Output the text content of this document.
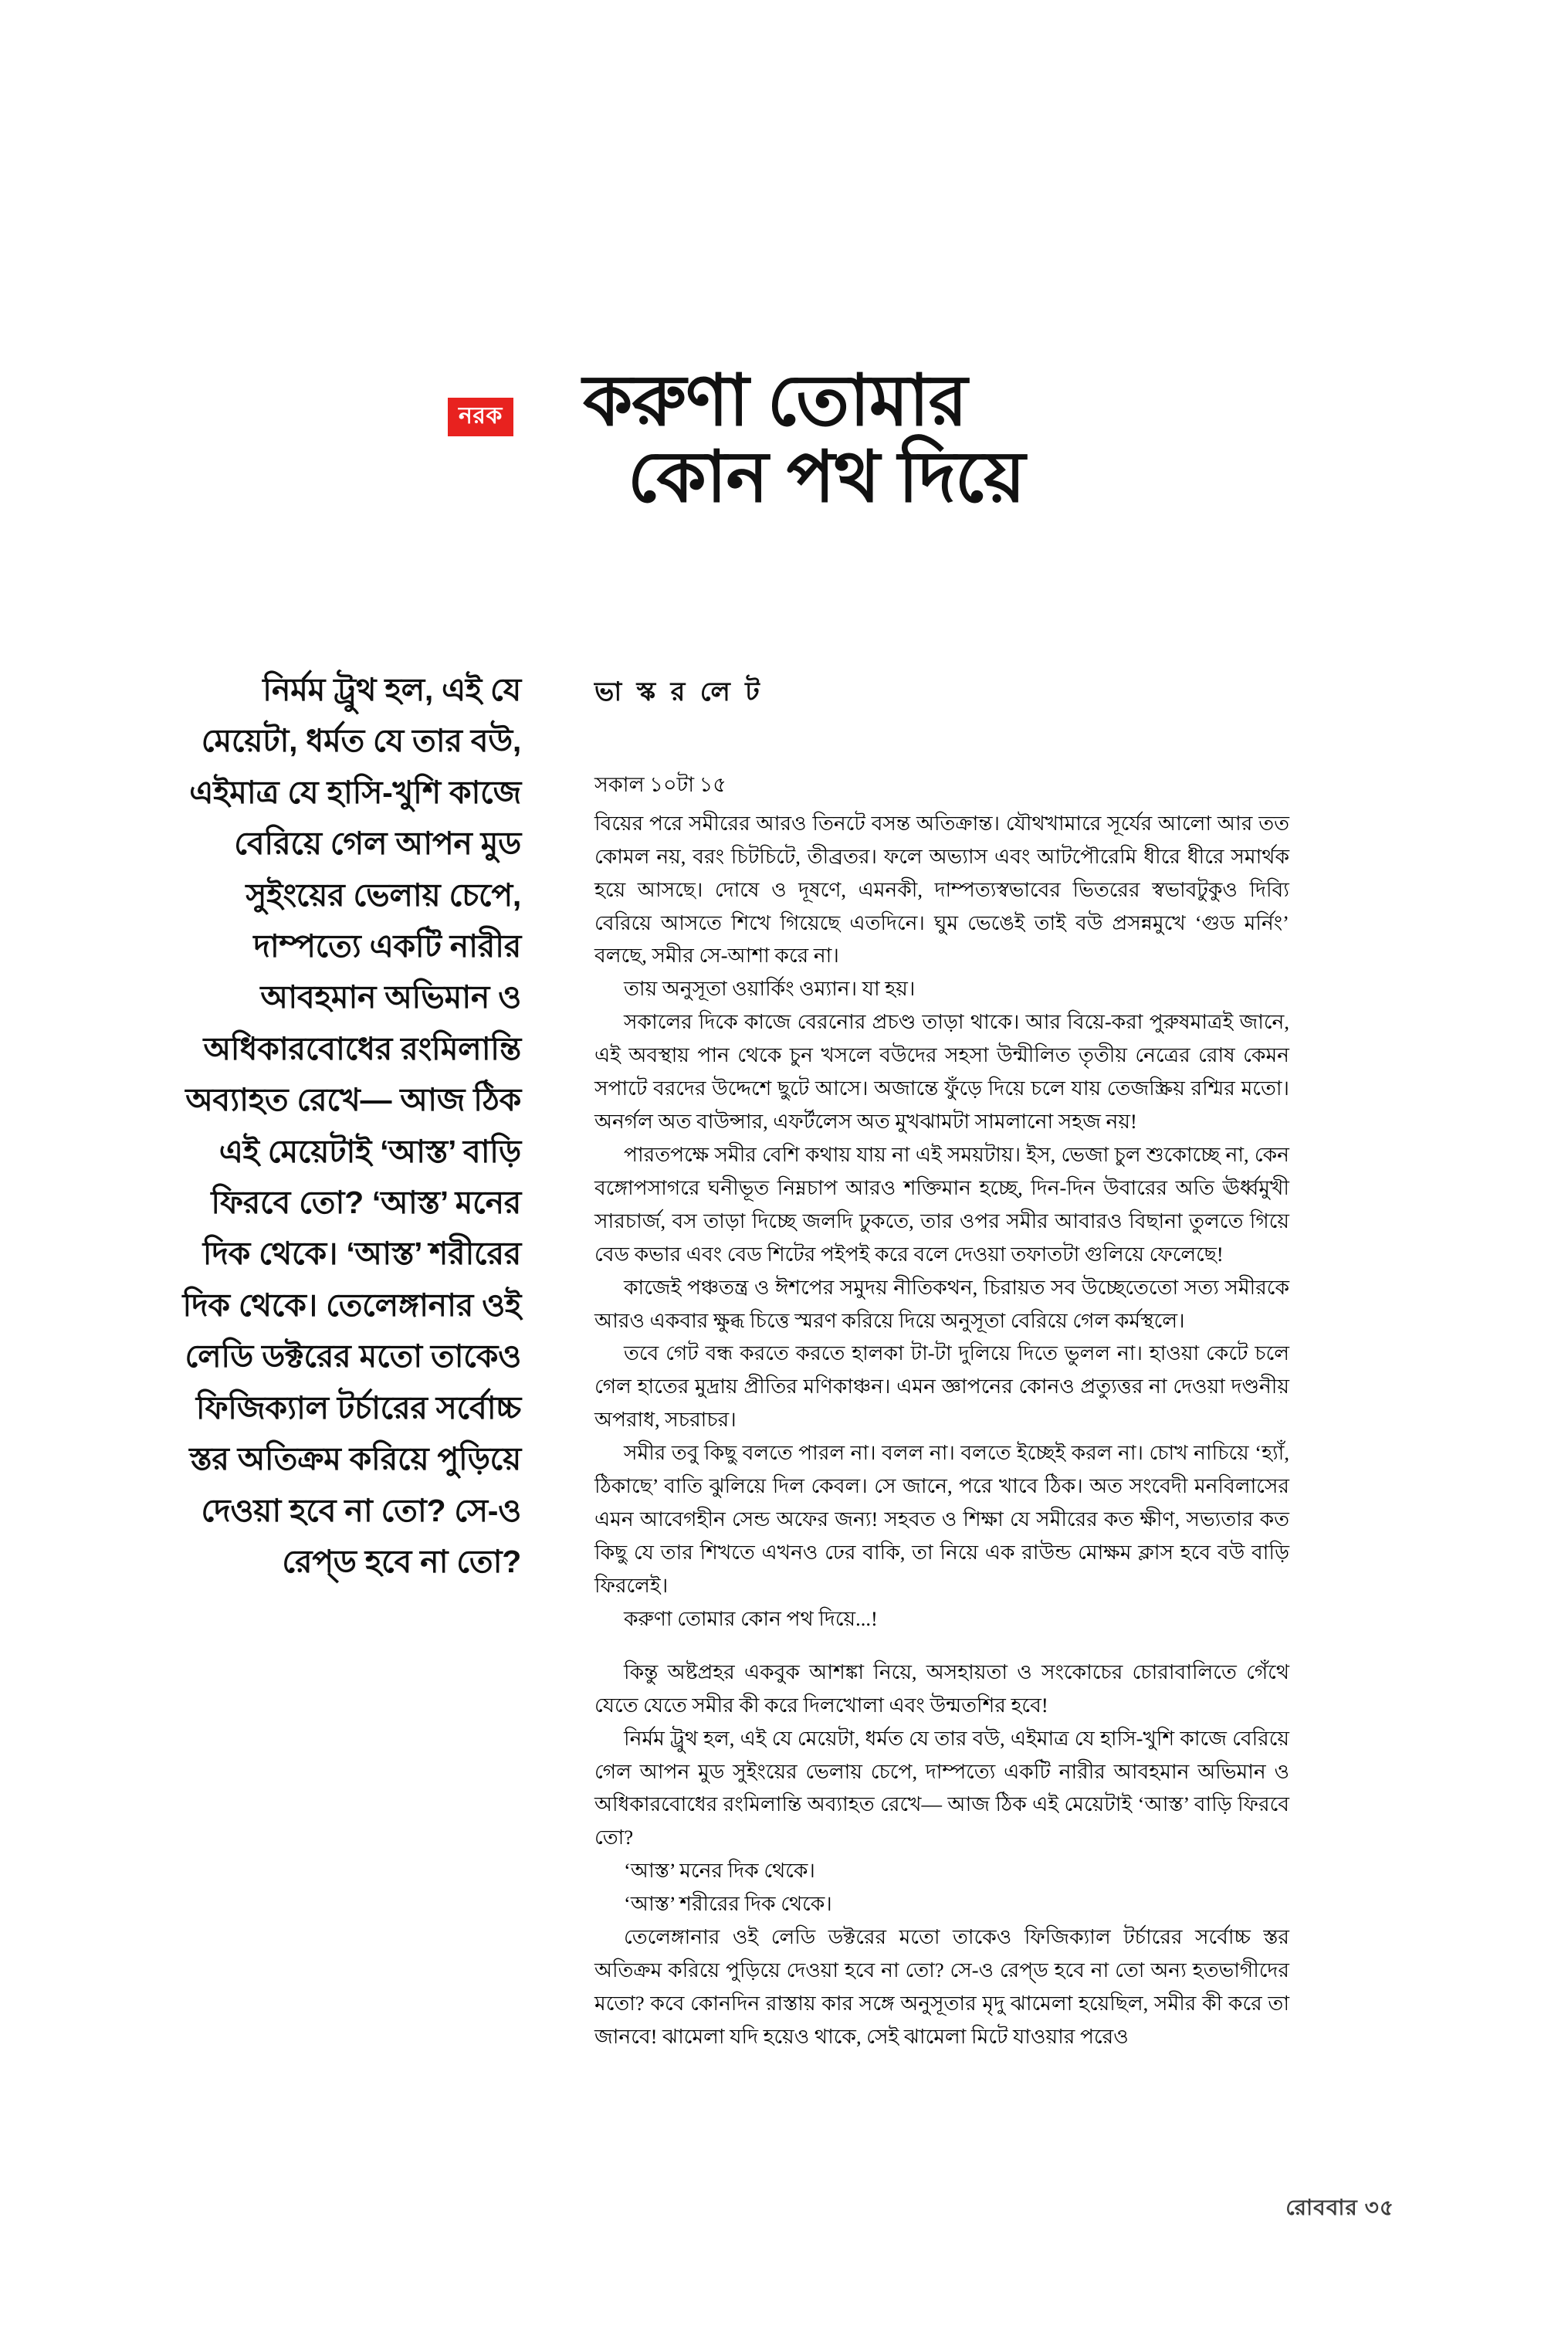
নরক করুণা তোমার
কোন পথ দিয়ে
ভা স্ক র লে ট
নির্মম ট্রুথ হল, এই যে মেয়েটা, ধর্মত যে তার বউ, এইমাত্র যে হাসি-খুশি কাজে বেরিয়ে গেল আপন মুড সুইংয়ের ভেলায় চেপে, দাম্পত্যে একটি নারীর আবহমান অভিমান ও অধিকারবোধের রংমিলান্তি অব্যাহত রেখে— আজ ঠিক এই মেয়েটাই ‘আস্ত’ বাড়ি ফিরবে তো? ‘আস্ত’ মনের দিক থেকে। ‘আস্ত’ শরীরের দিক থেকে। তেলেঙ্গানার ওই লেডি ডক্টরের মতো তাকেও ফিজিক্যাল টর্চারের সর্বোচ্চ স্তর অতিক্রম করিয়ে পুড়িয়ে দেওয়া হবে না তো? সে-ও রেপ্‌ড হবে না তো?
সকাল ১০টা ১৫

বিয়ের পরে সমীরের আরও তিনটে বসন্ত অতিক্রান্ত। যৌথখামারে সূর্যের আলো আর তত কোমল নয়, বরং চিটচিটে, তীব্রতর। ফলে অভ্যাস এবং আটপৌরেমি ধীরে ধীরে সমার্থক হয়ে আসছে। দোষে ও দূষণে, এমনকী, দাম্পত্যস্বভাবের ভিতরের স্বভাবটুকুও দিব্যি বেরিয়ে আসতে শিখে গিয়েছে এতদিনে। ঘুম ভেঙেই তাই বউ প্রসন্নমুখে ‘গুড মর্নিং’ বলছে, সমীর সে-আশা করে না।

তায় অনুসূতা ওয়ার্কিং ওম্যান। যা হয়।

সকালের দিকে কাজে বেরনোর প্রচণ্ড তাড়া থাকে। আর বিয়ে-করা পুরুষমাত্রই জানে, এই অবস্থায় পান থেকে চুন খসলে বউদের সহসা উন্মীলিত তৃতীয় নেত্রের রোষ কেমন সপাটে বরদের উদ্দেশে ছুটে আসে। অজান্তে ফুঁড়ে দিয়ে চলে যায় তেজস্ক্রিয় রশ্মির মতো। অনর্গল অত বাউন্সার, এফর্টলেস অত মুখঝামটা সামলানো সহজ নয়!

পারতপক্ষে সমীর বেশি কথায় যায় না এই সময়টায়। ইস, ভেজা চুল শুকোচ্ছে না, কেন বঙ্গোপসাগরে ঘনীভূত নিম্নচাপ আরও শক্তিমান হচ্ছে, দিন-দিন উবারের অতি ঊর্ধ্বমুখী সারচার্জ, বস তাড়া দিচ্ছে জলদি ঢুকতে, তার ওপর সমীর আবারও বিছানা তুলতে গিয়ে বেড কভার এবং বেড শিটের পইপই করে বলে দেওয়া তফাতটা গুলিয়ে ফেলেছে!

কাজেই পঞ্চতন্ত্র ও ঈশপের সমুদয় নীতিকথন, চিরায়ত সব উচ্ছেতেতো সত্য সমীরকে আরও একবার ক্ষুব্ধ চিত্তে স্মরণ করিয়ে দিয়ে অনুসূতা বেরিয়ে গেল কর্মস্থলে।

তবে গেট বন্ধ করতে করতে হালকা টা-টা দুলিয়ে দিতে ভুলল না। হাওয়া কেটে চলে গেল হাতের মুদ্রায় প্রীতির মণিকাঞ্চন। এমন জ্ঞাপনের কোনও প্রত্যুত্তর না দেওয়া দণ্ডনীয় অপরাধ, সচরাচর।

সমীর তবু কিছু বলতে পারল না। বলল না। বলতে ইচ্ছেই করল না। চোখ নাচিয়ে ‘হ্যাঁ, ঠিকাছে’ বাতি ঝুলিয়ে দিল কেবল। সে জানে, পরে খাবে ঠিক। অত সংবেদী মনবিলাসের এমন আবেগহীন সেন্ড অফের জন্য! সহবত ও শিক্ষা যে সমীরের কত ক্ষীণ, সভ্যতার কত কিছু যে তার শিখতে এখনও ঢের বাকি, তা নিয়ে এক রাউন্ড মোক্ষম ক্লাস হবে বউ বাড়ি ফিরলেই।

করুণা তোমার কোন পথ দিয়ে...!

কিন্তু অষ্টপ্রহর একবুক আশঙ্কা নিয়ে, অসহায়তা ও সংকোচের চোরাবালিতে গেঁথে যেতে যেতে সমীর কী করে দিলখোলা এবং উন্মতশির হবে!

নির্মম ট্রুথ হল, এই যে মেয়েটা, ধর্মত যে তার বউ, এইমাত্র যে হাসি-খুশি কাজে বেরিয়ে গেল আপন মুড সুইংয়ের ভেলায় চেপে, দাম্পত্যে একটি নারীর আবহমান অভিমান ও অধিকারবোধের রংমিলান্তি অব্যাহত রেখে— আজ ঠিক এই মেয়েটাই ‘আস্ত’ বাড়ি ফিরবে তো?

‘আস্ত’ মনের দিক থেকে।

‘আস্ত’ শরীরের দিক থেকে।

তেলেঙ্গানার ওই লেডি ডক্টরের মতো তাকেও ফিজিক্যাল টর্চারের সর্বোচ্চ স্তর অতিক্রম করিয়ে পুড়িয়ে দেওয়া হবে না তো? সে-ও রেপ্‌ড হবে না তো অন্য হতভাগীদের মতো? কবে কোনদিন রাস্তায় কার সঙ্গে অনুসূতার মৃদু ঝামেলা হয়েছিল, সমীর কী করে তা জানবে! ঝামেলা যদি হয়েও থাকে, সেই ঝামেলা মিটে যাওয়ার পরেও

রোববার ৩৫
